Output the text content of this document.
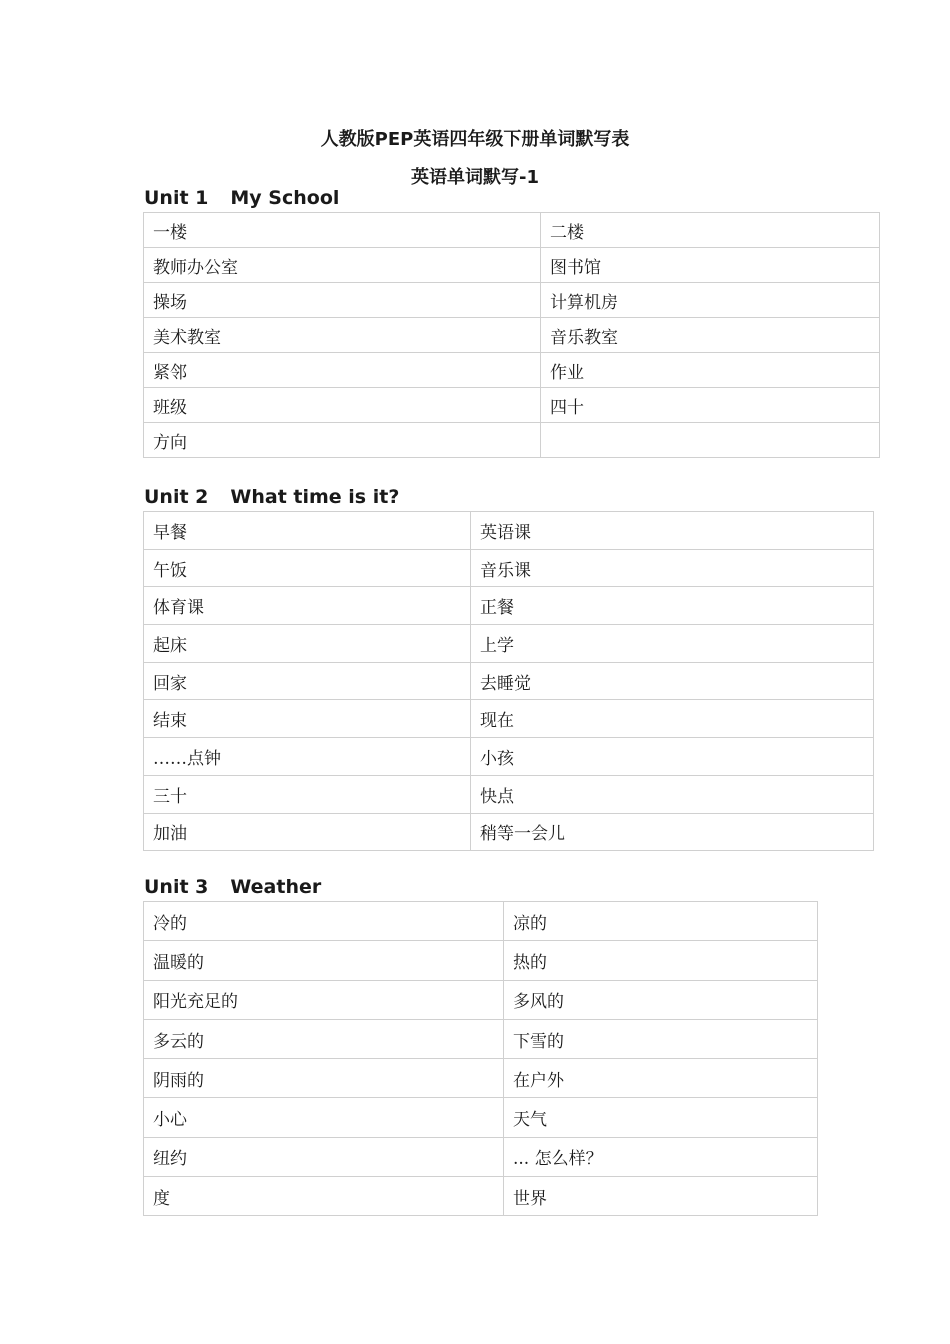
人教版PEP英语四年级下册单词默写表
英语单词默写-1
Unit 1 My School
一楼	二楼
教师办公室	图书馆
操场	计算机房
美术教室	音乐教室
紧邻	作业
班级	四十
方向	
Unit 2 What time is it?
早餐	英语课
午饭	音乐课
体育课	正餐
起床	上学
回家	去睡觉
结束	现在
……点钟	小孩
三十	快点
加油	稍等一会儿
Unit 3 Weather
冷的	凉的
温暖的	热的
阳光充足的	多风的
多云的	下雪的
阴雨的	在户外
小心	天气
纽约	... 怎么样？
度	世界
